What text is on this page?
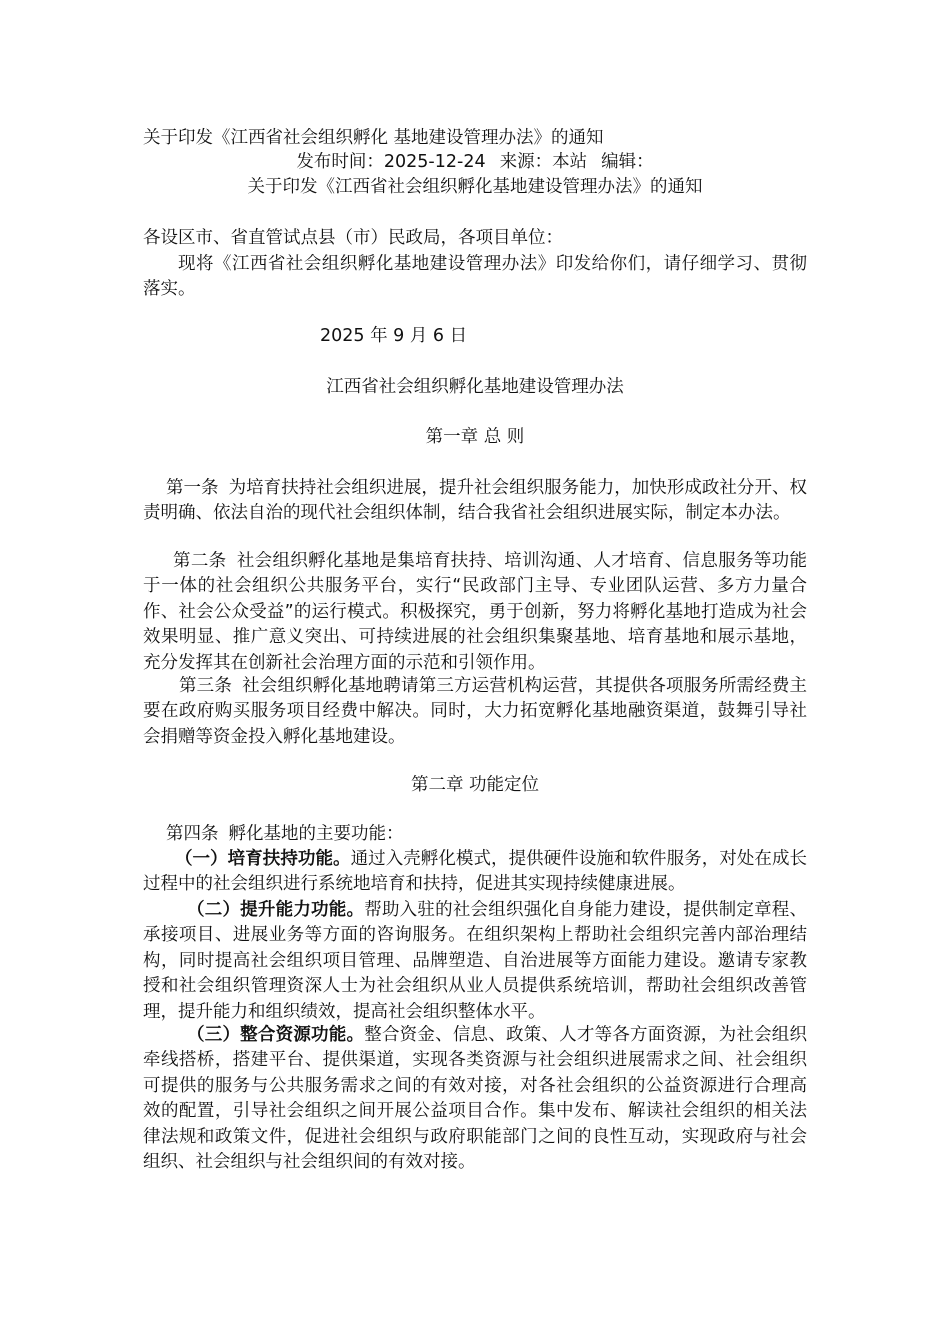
关于印发《江西省社会组织孵化 基地建设管理办法》的通知
发布时间：2025-12-24 来源：本站 编辑：
关于印发《江西省社会组织孵化基地建设管理办法》的通知
各设区市、省直管试点县（市）民政局，各项目单位：
现将《江西省社会组织孵化基地建设管理办法》印发给你们，请仔细学习、贯彻落实。
2025 年 9 月 6 日
江西省社会组织孵化基地建设管理办法
第一章 总 则
第一条 为培育扶持社会组织进展，提升社会组织服务能力，加快形成政社分开、权责明确、依法自治的现代社会组织体制，结合我省社会组织进展实际，制定本办法。
第二条 社会组织孵化基地是集培育扶持、培训沟通、人才培育、信息服务等功能于一体的社会组织公共服务平台，实行“民政部门主导、专业团队运营、多方力量合作、社会公众受益”的运行模式。积极探究，勇于创新，努力将孵化基地打造成为社会效果明显、推广意义突出、可持续进展的社会组织集聚基地、培育基地和展示基地，充分发挥其在创新社会治理方面的示范和引领作用。
第三条 社会组织孵化基地聘请第三方运营机构运营，其提供各项服务所需经费主要在政府购买服务项目经费中解决。同时，大力拓宽孵化基地融资渠道，鼓舞引导社会捐赠等资金投入孵化基地建设。
第二章 功能定位
第四条 孵化基地的主要功能：
（一）培育扶持功能。通过入壳孵化模式，提供硬件设施和软件服务，对处在成长过程中的社会组织进行系统地培育和扶持，促进其实现持续健康进展。
（二）提升能力功能。帮助入驻的社会组织强化自身能力建设，提供制定章程、承接项目、进展业务等方面的咨询服务。在组织架构上帮助社会组织完善内部治理结构，同时提高社会组织项目管理、品牌塑造、自治进展等方面能力建设。邀请专家教授和社会组织管理资深人士为社会组织从业人员提供系统培训，帮助社会组织改善管理，提升能力和组织绩效，提高社会组织整体水平。
（三）整合资源功能。整合资金、信息、政策、人才等各方面资源，为社会组织牵线搭桥，搭建平台、提供渠道，实现各类资源与社会组织进展需求之间、社会组织可提供的服务与公共服务需求之间的有效对接，对各社会组织的公益资源进行合理高效的配置，引导社会组织之间开展公益项目合作。集中发布、解读社会组织的相关法律法规和政策文件，促进社会组织与政府职能部门之间的良性互动，实现政府与社会组织、社会组织与社会组织间的有效对接。
